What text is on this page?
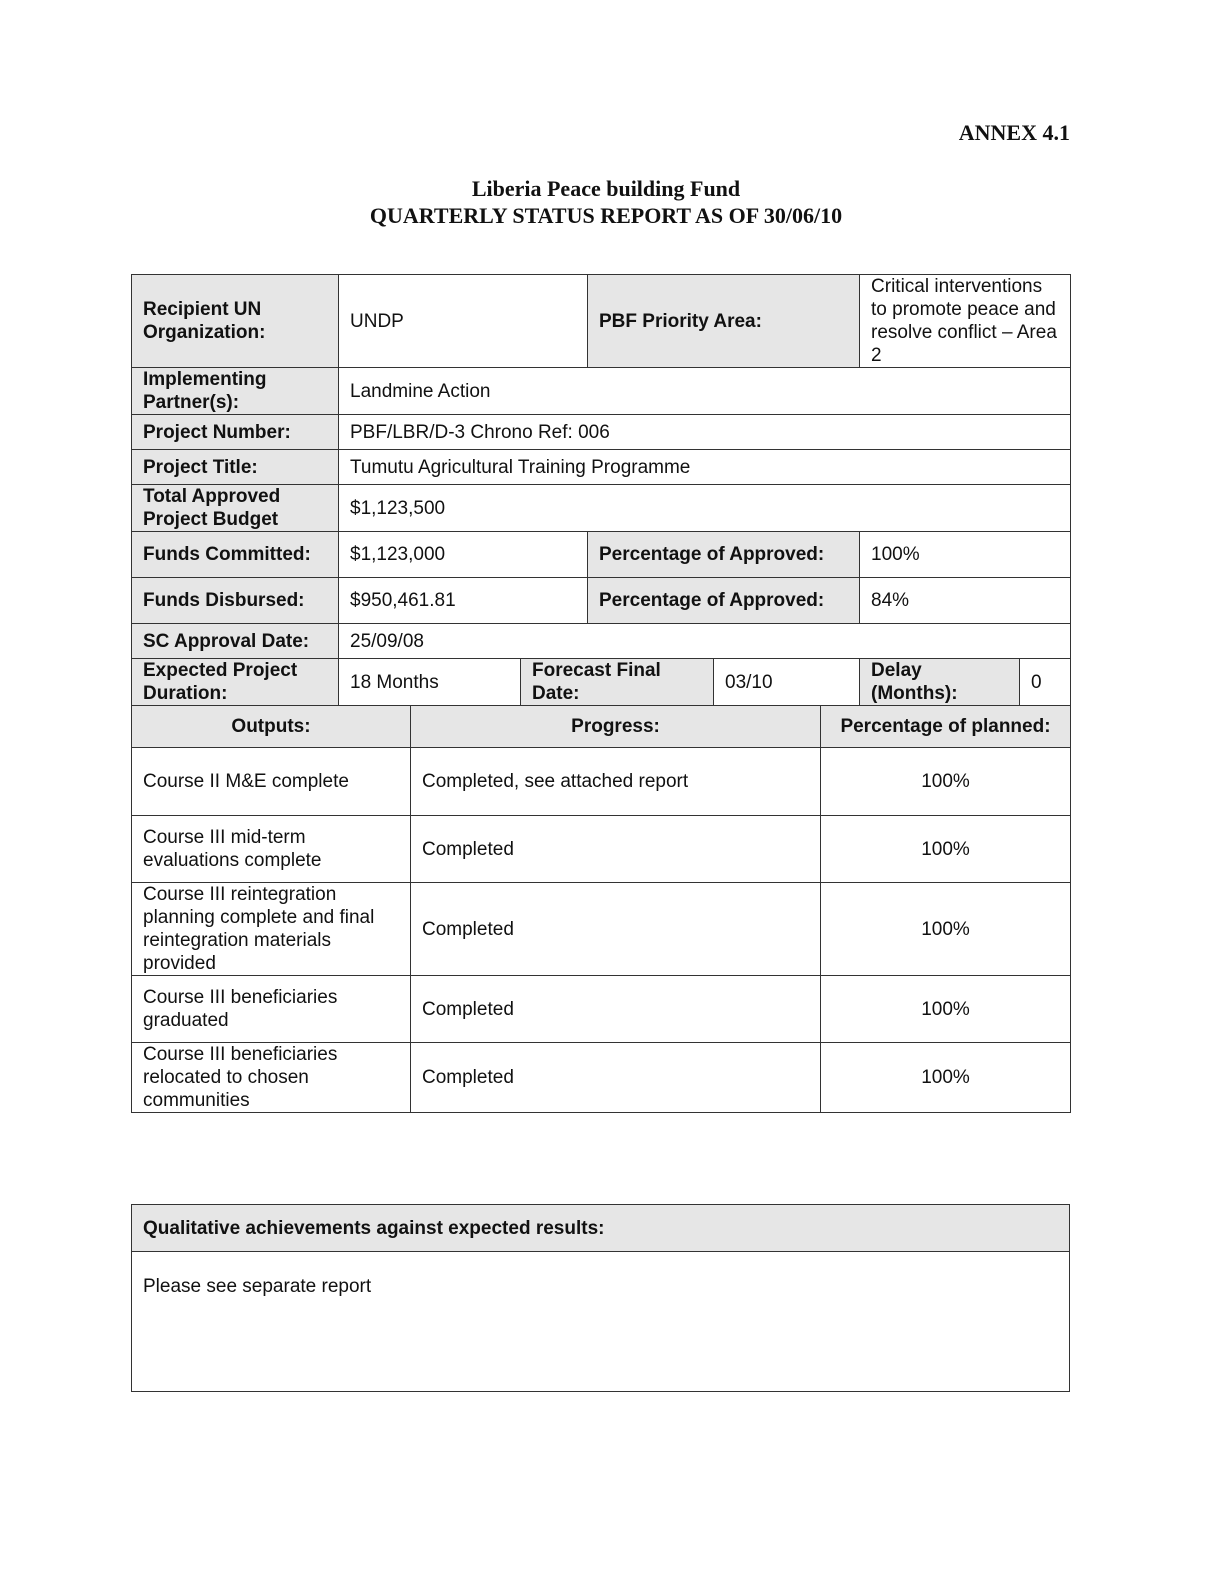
ANNEX 4.1
Liberia Peace building Fund
QUARTERLY STATUS REPORT AS OF 30/06/10
Recipient UN Organization:	UNDP		PBF Priority Area:		Critical interventions to promote peace and resolve conflict – Area 2	
Implementing Partner(s):	Landmine Action					
Project Number:	PBF/LBR/D-3 Chrono Ref: 006					
Project Title:	Tumutu Agricultural Training Programme					
Total Approved Project Budget	$1,123,500					
Funds Committed:	$1,123,000		Percentage of Approved:		100%	
Funds Disbursed:	$950,461.81		Percentage of Approved:		84%	
SC Approval Date:	25/09/08					
Expected Project Duration:	18 Months	Forecast Final Date:		03/10	Delay (Months):	0
Outputs:	Progress:	Percentage of planned:
Course II M&E complete	Completed, see attached report	100%
Course III mid-term evaluations complete	Completed	100%
Course III reintegration planning complete and final reintegration materials provided	Completed	100%
Course III beneficiaries graduated	Completed	100%
Course III beneficiaries relocated to chosen communities	Completed	100%
Qualitative achievements against expected results:
Please see separate report
